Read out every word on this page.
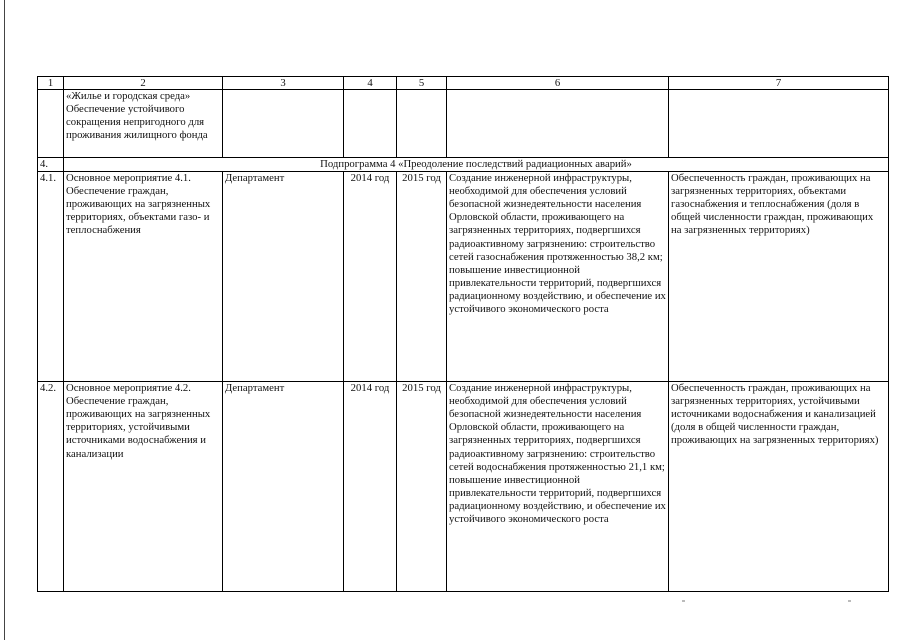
1	2	3	4	5	6	7
	«Жилье и городская среда» Обеспечение устойчивого сокращения непригодного для проживания жилищного фонда					
4.	Подпрограмма 4 «Преодоление последствий радиационных аварий»					
4.1.	Основное мероприятие 4.1. Обеспечение граждан, проживающих на загрязненных территориях, объектами газо- и теплоснабжения	Департамент	2014 год	2015 год	Создание инженерной инфраструктуры, необходимой для обеспечения условий безопасной жизнедеятельности населения Орловской области, проживающего на загрязненных территориях, подвергшихся радиоактивному загрязнению: строительство сетей газоснабжения протяженностью 38,2 км; повышение инвестиционной привлекательности территорий, подвергшихся радиационному воздействию, и обеспечение их устойчивого экономического роста	Обеспеченность граждан, проживающих на загрязненных территориях, объектами газоснабжения и теплоснабжения (доля в общей численности граждан, проживающих на загрязненных территориях)
4.2.	Основное мероприятие 4.2. Обеспечение граждан, проживающих на загрязненных территориях, устойчивыми источниками водоснабжения и канализации	Департамент	2014 год	2015 год	Создание инженерной инфраструктуры, необходимой для обеспечения условий безопасной жизнедеятельности населения Орловской области, проживающего на загрязненных территориях, подвергшихся радиоактивному загрязнению: строительство сетей водоснабжения протяженностью 21,1 км; повышение инвестиционной привлекательности территорий, подвергшихся радиационному воздействию, и обеспечение их устойчивого экономического роста	Обеспеченность граждан, проживающих на загрязненных территориях, устойчивыми источниками водоснабжения и канализацией (доля в общей численности граждан, проживающих на загрязненных территориях)
